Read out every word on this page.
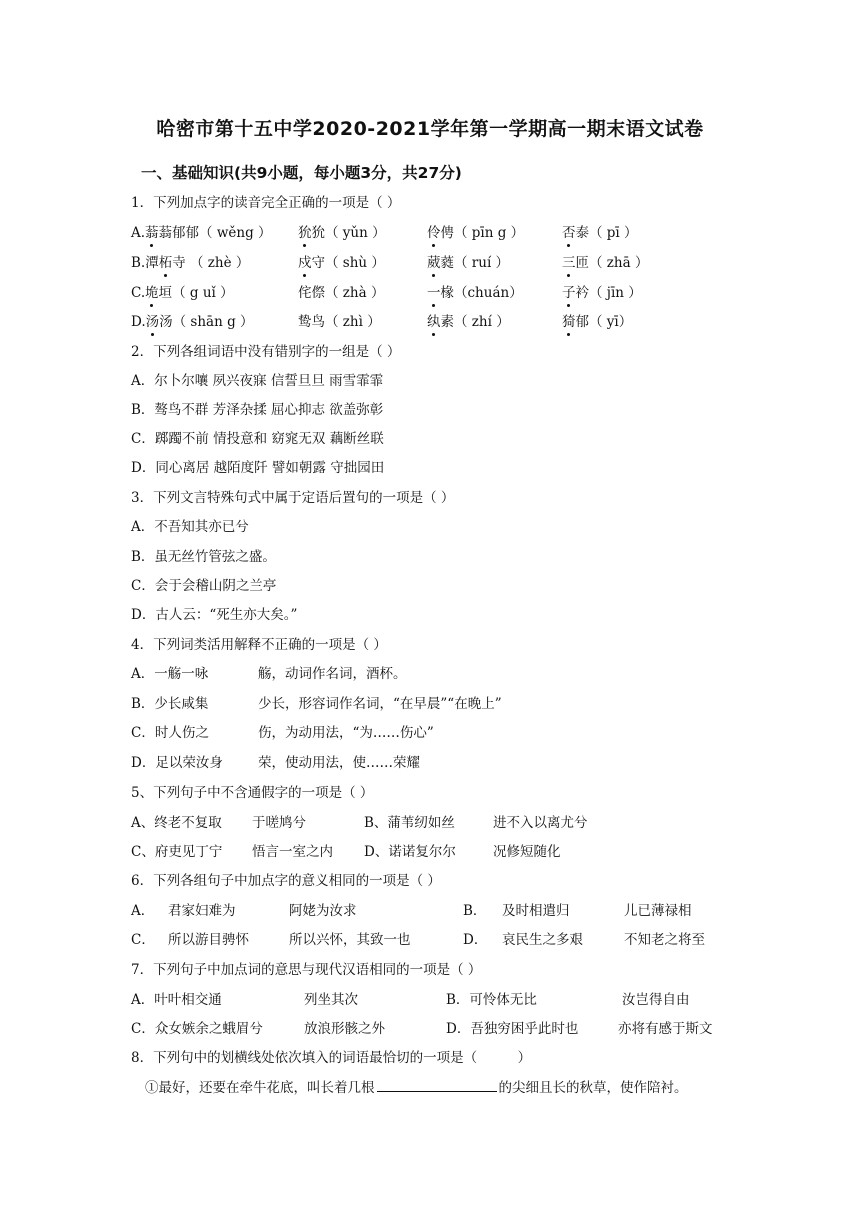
哈密市第十五中学2020-2021学年第一学期高一期末语文试卷
一、基础知识(共9小题，每小题3分，共27分)
1．下列加点字的读音完全正确的一项是（ ）
A.蓊蓊郁郁（ wěng ） 狁狁（ yǔn ）	伶俜（ pīn g ）	否泰（ pī ）
B.潭柘寺 （ zhè ）	戍守（ shù ）	葳蕤（ ruí ）	三匝（ zhā ）
C.垝垣（ g uǐ ）	侘傺（ zhà ）	一椽（chuán）	子衿（ jīn ）
D.汤汤（ shān g ）	鸷鸟（ zhì ）	纨素（ zhí ）	猗郁（ yī）
2．下列各组词语中没有错别字的一组是（ ）
A．尔卜尔嚷 夙兴夜寐 信誓旦旦 雨雪霏霏
B．骜鸟不群 芳泽杂揉 屈心抑志 欲盖弥彰
C．踯躅不前 情投意和 窈窕无双 藕断丝联
D．同心离居 越陌度阡 譬如朝露 守拙园田
3．下列文言特殊句式中属于定语后置句的一项是（ ）
A．不吾知其亦已兮
B．虽无丝竹管弦之盛。
C．会于会稽山阴之兰亭
D．古人云：“死生亦大矣。”
4．下列词类活用解释不正确的一项是（ ）
A．一觞一咏	觞，动词作名词，酒杯。
B．少长咸集	少长，形容词作名词，“在早晨”“在晚上”
C．时人伤之	伤，为动用法，“为……伤心”
D．足以荣汝身	荣，使动用法，使……荣耀
5、下列句子中不含通假字的一项是（ ）
A、终老不复取 于嗟鸠兮	B、蒲苇纫如丝	进不入以离尤兮
C、府吏见丁宁 悟言一室之内 D、诺诺复尔尔	况修短随化
6．下列各组句子中加点字的意义相同的一项是（ ）
A． 君家妇难为	阿姥为汝求	B． 及时相遣归	儿已薄禄相
C． 所以游目骋怀	所以兴怀，其致一也	D． 哀民生之多艰	不知老之将至
7．下列句子中加点词的意思与现代汉语相同的一项是（ ）
A．叶叶相交通	列坐其次	B．可怜体无比	汝岂得自由
C．众女嫉余之蛾眉兮	放浪形骸之外	D．吾独穷困乎此时也	亦将有感于斯文
8．下列句中的划横线处依次填入的词语最恰切的一项是（　　　）
①最好，还要在牵牛花底，叫长着几根	的尖细且长的秋草，使作陪衬。
